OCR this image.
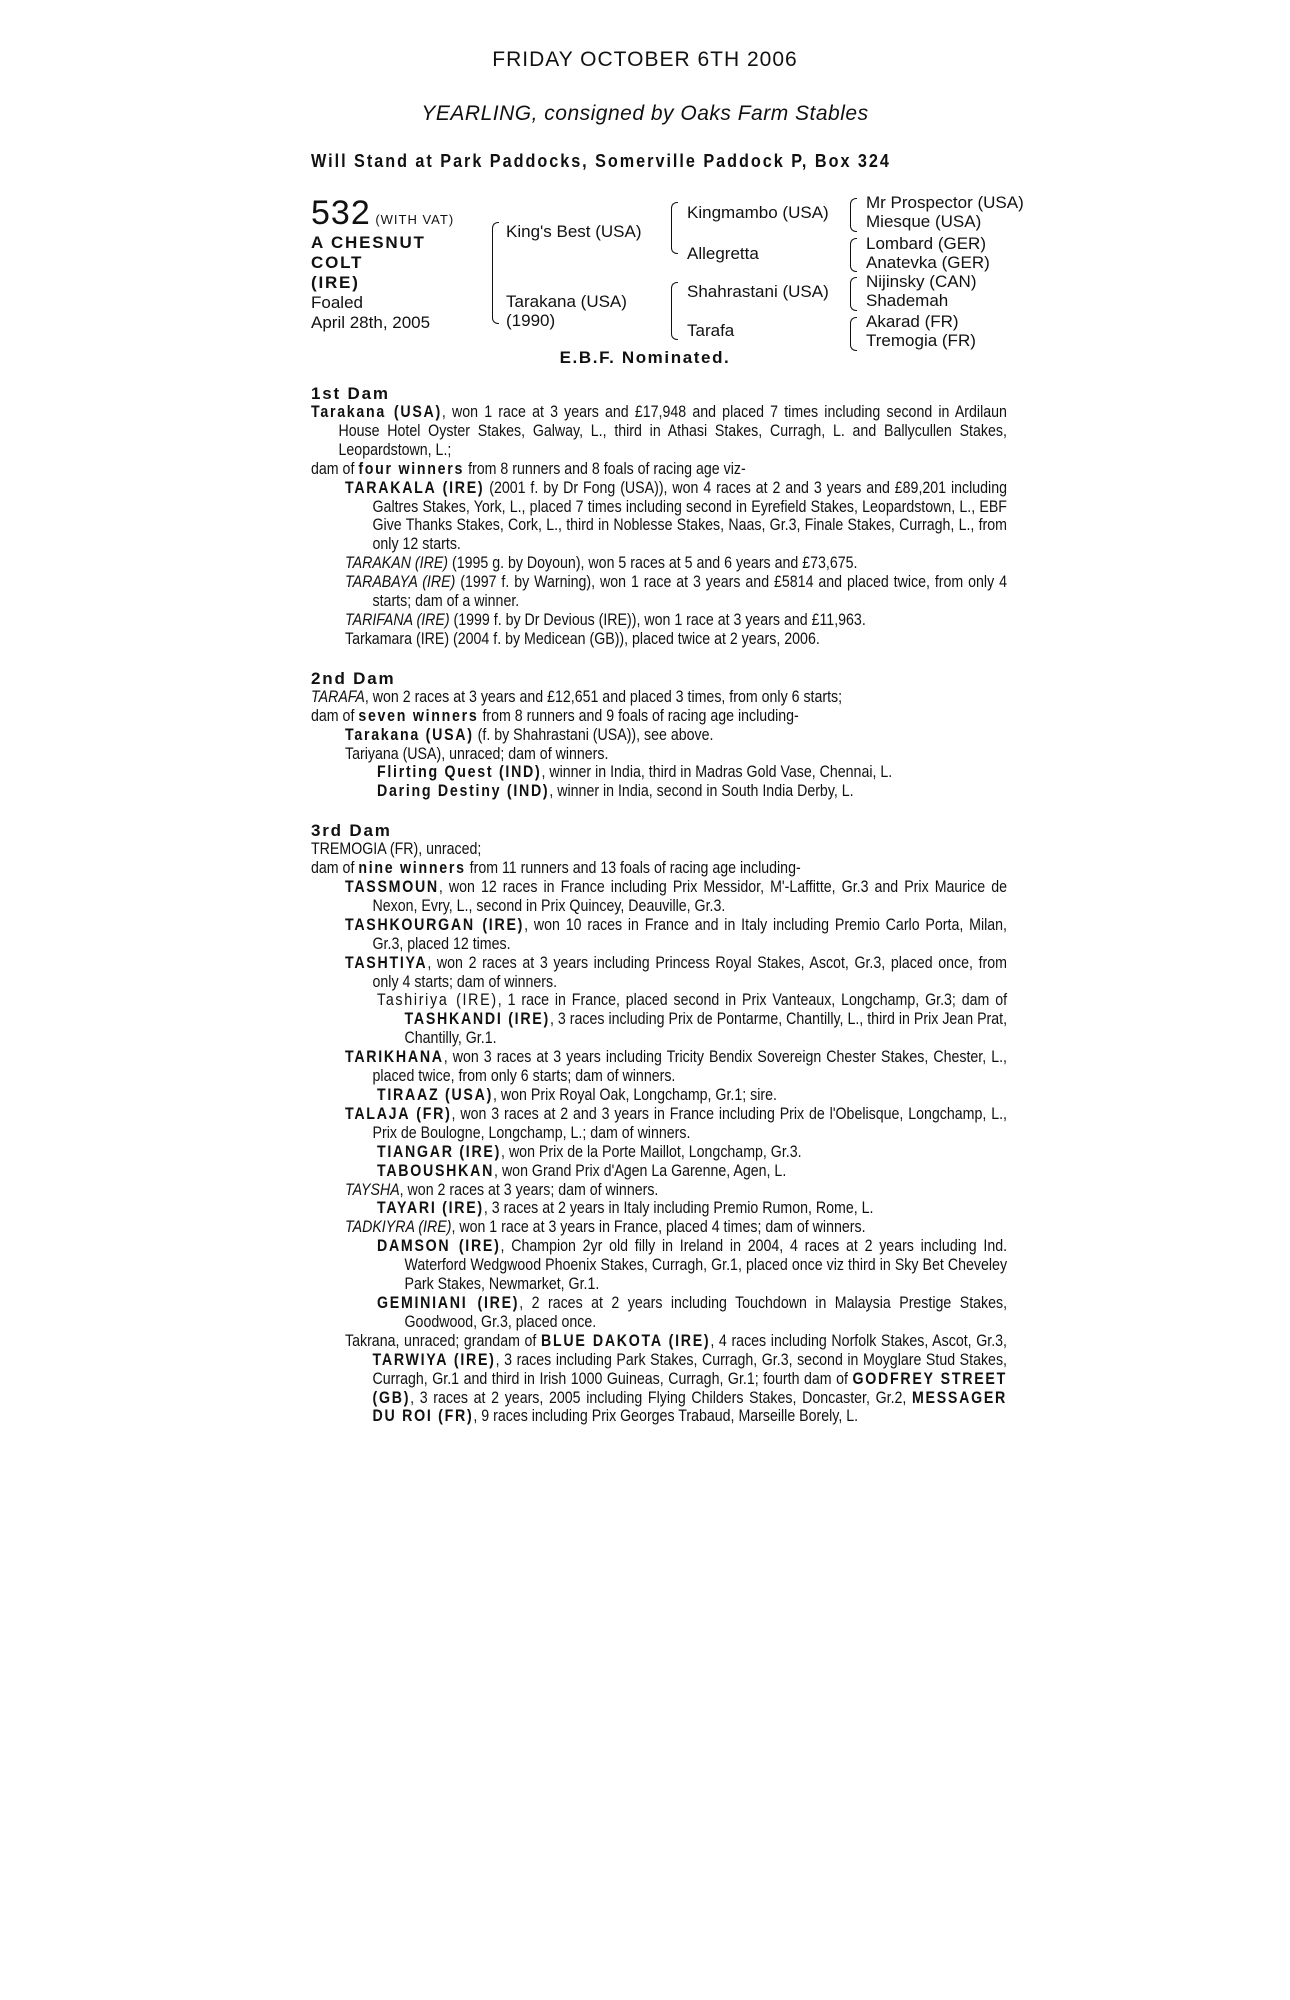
FRIDAY OCTOBER 6TH 2006
YEARLING, consigned by Oaks Farm Stables
Will Stand at Park Paddocks, Somerville Paddock P, Box 324
532 (WITH VAT)
A CHESNUT COLT
(IRE)
Foaled
April 28th, 2005
King's Best (USA)
Tarakana (USA)
(1990)
Kingmambo (USA)
Allegretta
Shahrastani (USA)
Tarafa
Mr Prospector (USA)
Miesque (USA)
Lombard (GER)
Anatevka (GER)
Nijinsky (CAN)
Shademah
Akarad (FR)
Tremogia (FR)
E.B.F. Nominated.
1st Dam
Tarakana (USA), won 1 race at 3 years and £17,948 and placed 7 times including second in Ardilaun House Hotel Oyster Stakes, Galway, L., third in Athasi Stakes, Curragh, L. and Ballycullen Stakes, Leopardstown, L.;
dam of four winners from 8 runners and 8 foals of racing age viz-
TARAKALA (IRE) (2001 f. by Dr Fong (USA)), won 4 races at 2 and 3 years and £89,201 including Galtres Stakes, York, L., placed 7 times including second in Eyrefield Stakes, Leopardstown, L., EBF Give Thanks Stakes, Cork, L., third in Noblesse Stakes, Naas, Gr.3, Finale Stakes, Curragh, L., from only 12 starts.
TARAKAN (IRE) (1995 g. by Doyoun), won 5 races at 5 and 6 years and £73,675.
TARABAYA (IRE) (1997 f. by Warning), won 1 race at 3 years and £5814 and placed twice, from only 4 starts; dam of a winner.
TARIFANA (IRE) (1999 f. by Dr Devious (IRE)), won 1 race at 3 years and £11,963.
Tarkamara (IRE) (2004 f. by Medicean (GB)), placed twice at 2 years, 2006.
2nd Dam
TARAFA, won 2 races at 3 years and £12,651 and placed 3 times, from only 6 starts;
dam of seven winners from 8 runners and 9 foals of racing age including-
Tarakana (USA) (f. by Shahrastani (USA)), see above.
Tariyana (USA), unraced; dam of winners.
Flirting Quest (IND), winner in India, third in Madras Gold Vase, Chennai, L.
Daring Destiny (IND), winner in India, second in South India Derby, L.
3rd Dam
TREMOGIA (FR), unraced;
dam of nine winners from 11 runners and 13 foals of racing age including-
TASSMOUN, won 12 races in France including Prix Messidor, M'-Laffitte, Gr.3 and Prix Maurice de Nexon, Evry, L., second in Prix Quincey, Deauville, Gr.3.
TASHKOURGAN (IRE), won 10 races in France and in Italy including Premio Carlo Porta, Milan, Gr.3, placed 12 times.
TASHTIYA, won 2 races at 3 years including Princess Royal Stakes, Ascot, Gr.3, placed once, from only 4 starts; dam of winners.
Tashiriya (IRE), 1 race in France, placed second in Prix Vanteaux, Longchamp, Gr.3; dam of TASHKANDI (IRE), 3 races including Prix de Pontarme, Chantilly, L., third in Prix Jean Prat, Chantilly, Gr.1.
TARIKHANA, won 3 races at 3 years including Tricity Bendix Sovereign Chester Stakes, Chester, L., placed twice, from only 6 starts; dam of winners.
TIRAAZ (USA), won Prix Royal Oak, Longchamp, Gr.1; sire.
TALAJA (FR), won 3 races at 2 and 3 years in France including Prix de l'Obelisque, Longchamp, L., Prix de Boulogne, Longchamp, L.; dam of winners.
TIANGAR (IRE), won Prix de la Porte Maillot, Longchamp, Gr.3.
TABOUSHKAN, won Grand Prix d'Agen La Garenne, Agen, L.
TAYSHA, won 2 races at 3 years; dam of winners.
TAYARI (IRE), 3 races at 2 years in Italy including Premio Rumon, Rome, L.
TADKIYRA (IRE), won 1 race at 3 years in France, placed 4 times; dam of winners.
DAMSON (IRE), Champion 2yr old filly in Ireland in 2004, 4 races at 2 years including Ind. Waterford Wedgwood Phoenix Stakes, Curragh, Gr.1, placed once viz third in Sky Bet Cheveley Park Stakes, Newmarket, Gr.1.
GEMINIANI (IRE), 2 races at 2 years including Touchdown in Malaysia Prestige Stakes, Goodwood, Gr.3, placed once.
Takrana, unraced; grandam of BLUE DAKOTA (IRE), 4 races including Norfolk Stakes, Ascot, Gr.3, TARWIYA (IRE), 3 races including Park Stakes, Curragh, Gr.3, second in Moyglare Stud Stakes, Curragh, Gr.1 and third in Irish 1000 Guineas, Curragh, Gr.1; fourth dam of GODFREY STREET (GB), 3 races at 2 years, 2005 including Flying Childers Stakes, Doncaster, Gr.2, MESSAGER DU ROI (FR), 9 races including Prix Georges Trabaud, Marseille Borely, L.
